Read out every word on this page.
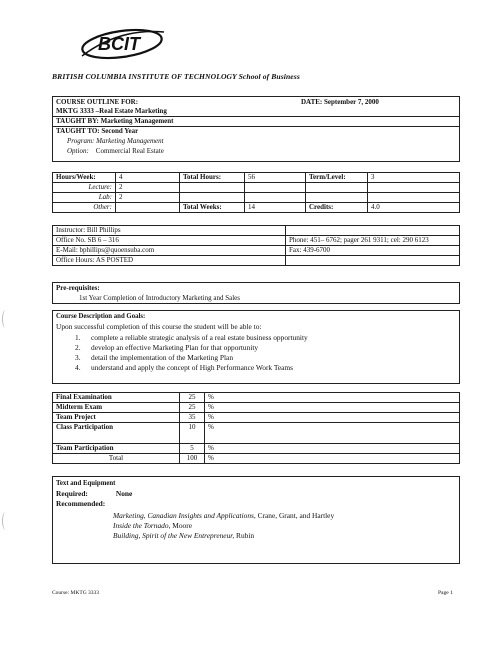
BCIT
BRITISH COLUMBIA INSTITUTE OF TECHNOLOGY School of Business
COURSE OUTLINE FOR:	DATE: September 7, 2000
MKTG 3333 –Real Estate Marketing
TAUGHT BY: Marketing Management
TAUGHT TO: Second Year
Program: Marketing Management
Option: Commercial Real Estate
Hours/Week:	4	Total Hours:	56	Term/Level:	3
Lecture:	2				
Lab:	2				
Other:		Total Weeks:	14	Credits:	4.0
Instructor: Bill Phillips	
Office No. SB 6 – 316	Phone: 451– 6762; pager 261 9311; cel: 290 6123
E-Mail: bphillips@quoensuba.com	Fax: 439-6700
Office Hours: AS POSTED	
Pre-requisites:
1st Year Completion of Introductory Marketing and Sales
Course Description and Goals:
Upon successful completion of this course the student will be able to:
1. complete a reliable strategic analysis of a real estate business opportunity
2. develop an effective Marketing Plan for that opportunity
3. detail the implementation of the Marketing Plan
4. understand and apply the concept of High Performance Work Teams
Final Examination	25	%
Midterm Exam	25	%
Team Project	35	%
Class Participation	10	%
Team Participation	5	%
Total	100	%
Text and Equipment
Required:	None
Recommended:
Marketing, Canadian Insights and Applications, Crane, Grant, and Hartley
Inside the Tornado, Moore
Building, Spirit of the New Entrepreneur, Rubin
Course: MKTG 3333	Page 1
